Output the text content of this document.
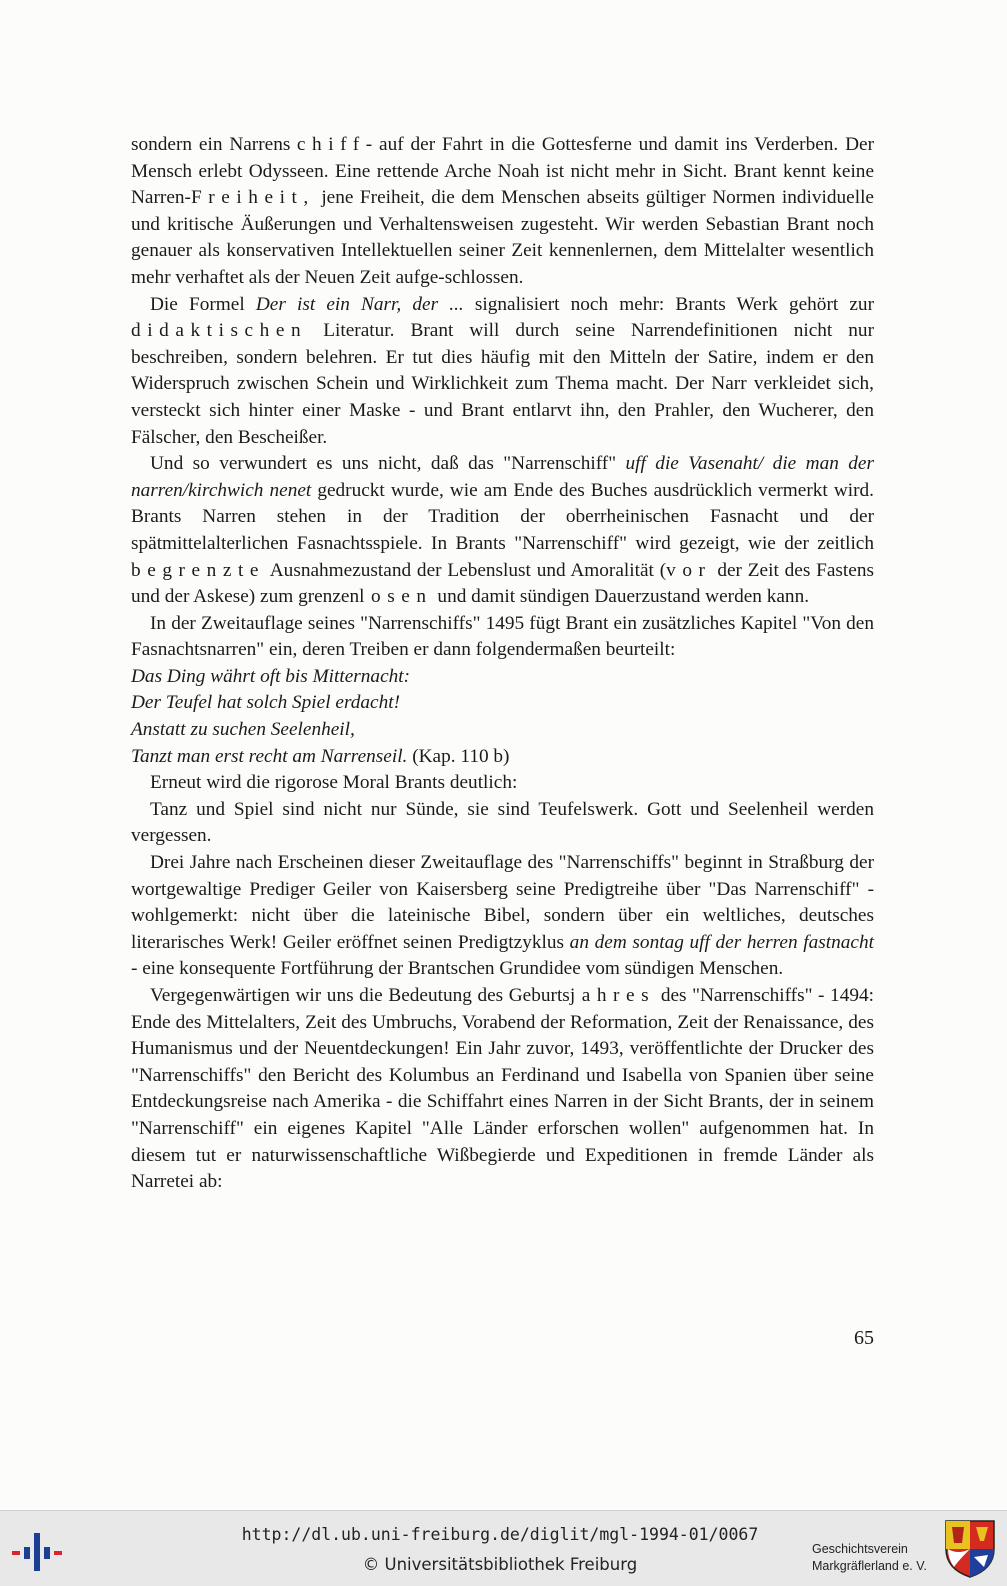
sondern ein Narrenschiff- auf der Fahrt in die Gottesferne und damit ins Verderben. Der Mensch erlebt Odysseen. Eine rettende Arche Noah ist nicht mehr in Sicht. Brant kennt keine Narren-Freiheit, jene Freiheit, die dem Menschen abseits gültiger Normen individuelle und kritische Äußerungen und Verhaltensweisen zugesteht. Wir werden Sebastian Brant noch genauer als konservativen Intellektuellen seiner Zeit kennenlernen, dem Mittelalter wesentlich mehr verhaftet als der Neuen Zeit aufge-schlossen.

Die Formel Der ist ein Narr, der ... signalisiert noch mehr: Brants Werk gehört zur didaktischen Literatur. Brant will durch seine Narrendefinitionen nicht nur beschreiben, sondern belehren. Er tut dies häufig mit den Mitteln der Satire, indem er den Widerspruch zwischen Schein und Wirklichkeit zum Thema macht. Der Narr verkleidet sich, versteckt sich hinter einer Maske - und Brant entlarvt ihn, den Prahler, den Wucherer, den Fälscher, den Bescheißer.

Und so verwundert es uns nicht, daß das "Narrenschiff" uff die Vasenaht/ die man der narren/kirchwich nenet gedruckt wurde, wie am Ende des Buches ausdrücklich vermerkt wird. Brants Narren stehen in der Tradition der oberrheinischen Fasnacht und der spätmittelalterlichen Fasnachtsspiele. In Brants "Narrenschiff" wird gezeigt, wie der zeitlich begrenzte Ausnahmezustand der Lebenslust und Amoralität (vor der Zeit des Fastens und der Askese) zum grenzenlosen und damit sündigen Dauerzustand werden kann.

In der Zweitauflage seines "Narrenschiffs" 1495 fügt Brant ein zusätzliches Kapitel "Von den Fasnachtsnarren" ein, deren Treiben er dann folgendermaßen beurteilt:

Das Ding währt oft bis Mitternacht:

Der Teufel hat solch Spiel erdacht!

Anstatt zu suchen Seelenheil,

Tanzt man erst recht am Narrenseil. (Kap. 110 b)

Erneut wird die rigorose Moral Brants deutlich:

Tanz und Spiel sind nicht nur Sünde, sie sind Teufelswerk. Gott und Seelenheil werden vergessen.

Drei Jahre nach Erscheinen dieser Zweitauflage des "Narrenschiffs" beginnt in Straßburg der wortgewaltige Prediger Geiler von Kaisersberg seine Predigtreihe über "Das Narrenschiff" - wohlgemerkt: nicht über die lateinische Bibel, sondern über ein weltliches, deutsches literarisches Werk! Geiler eröffnet seinen Predigtzyklus an dem sontag uff der herren fastnacht - eine konsequente Fortführung der Brantschen Grundidee vom sündigen Menschen.

Vergegenwärtigen wir uns die Bedeutung des Geburtsjahres des "Narrenschiffs" - 1494: Ende des Mittelalters, Zeit des Umbruchs, Vorabend der Reformation, Zeit der Renaissance, des Humanismus und der Neuentdeckungen! Ein Jahr zuvor, 1493, veröffentlichte der Drucker des "Narrenschiffs" den Bericht des Kolumbus an Ferdinand und Isabella von Spanien über seine Entdeckungsreise nach Amerika - die Schiffahrt eines Narren in der Sicht Brants, der in seinem "Narrenschiff" ein eigenes Kapitel "Alle Länder erforschen wollen" aufgenommen hat. In diesem tut er naturwissenschaftliche Wißbegierde und Expeditionen in fremde Länder als Narretei ab:

65
http://dl.ub.uni-freiburg.de/diglit/mgl-1994-01/0067
© Universitätsbibliothek Freiburg
Geschichtsverein
Markgräflerland e. V.
